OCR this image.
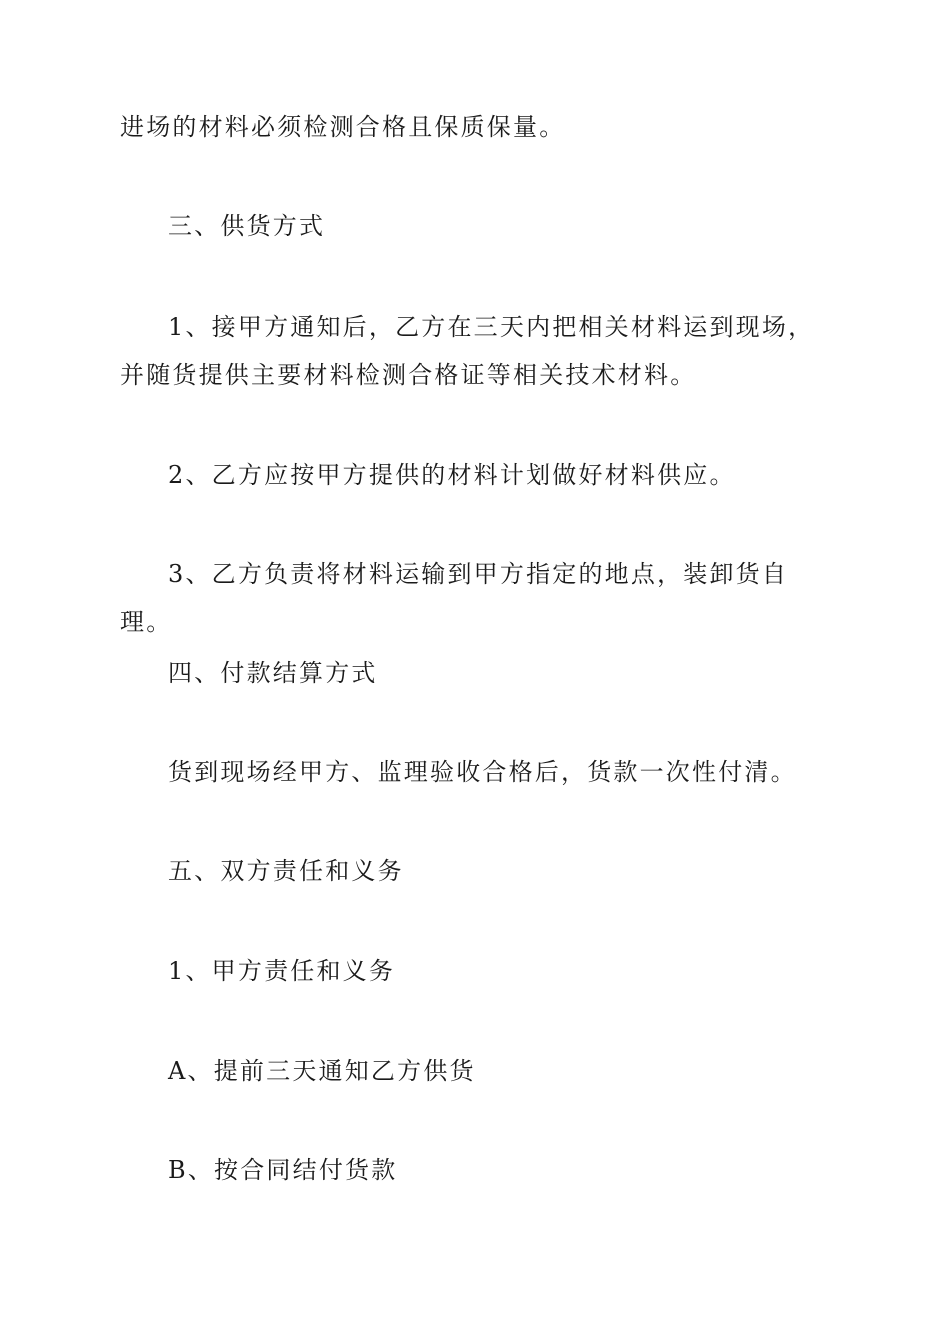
进场的材料必须检测合格且保质保量。

三、供货方式

1、接甲方通知后，乙方在三天内把相关材料运到现场，并随货提供主要材料检测合格证等相关技术材料。

2、乙方应按甲方提供的材料计划做好材料供应。

3、乙方负责将材料运输到甲方指定的地点，装卸货自理。

四、付款结算方式

货到现场经甲方、监理验收合格后，货款一次性付清。

五、双方责任和义务

1、甲方责任和义务

A、提前三天通知乙方供货

B、按合同结付货款
